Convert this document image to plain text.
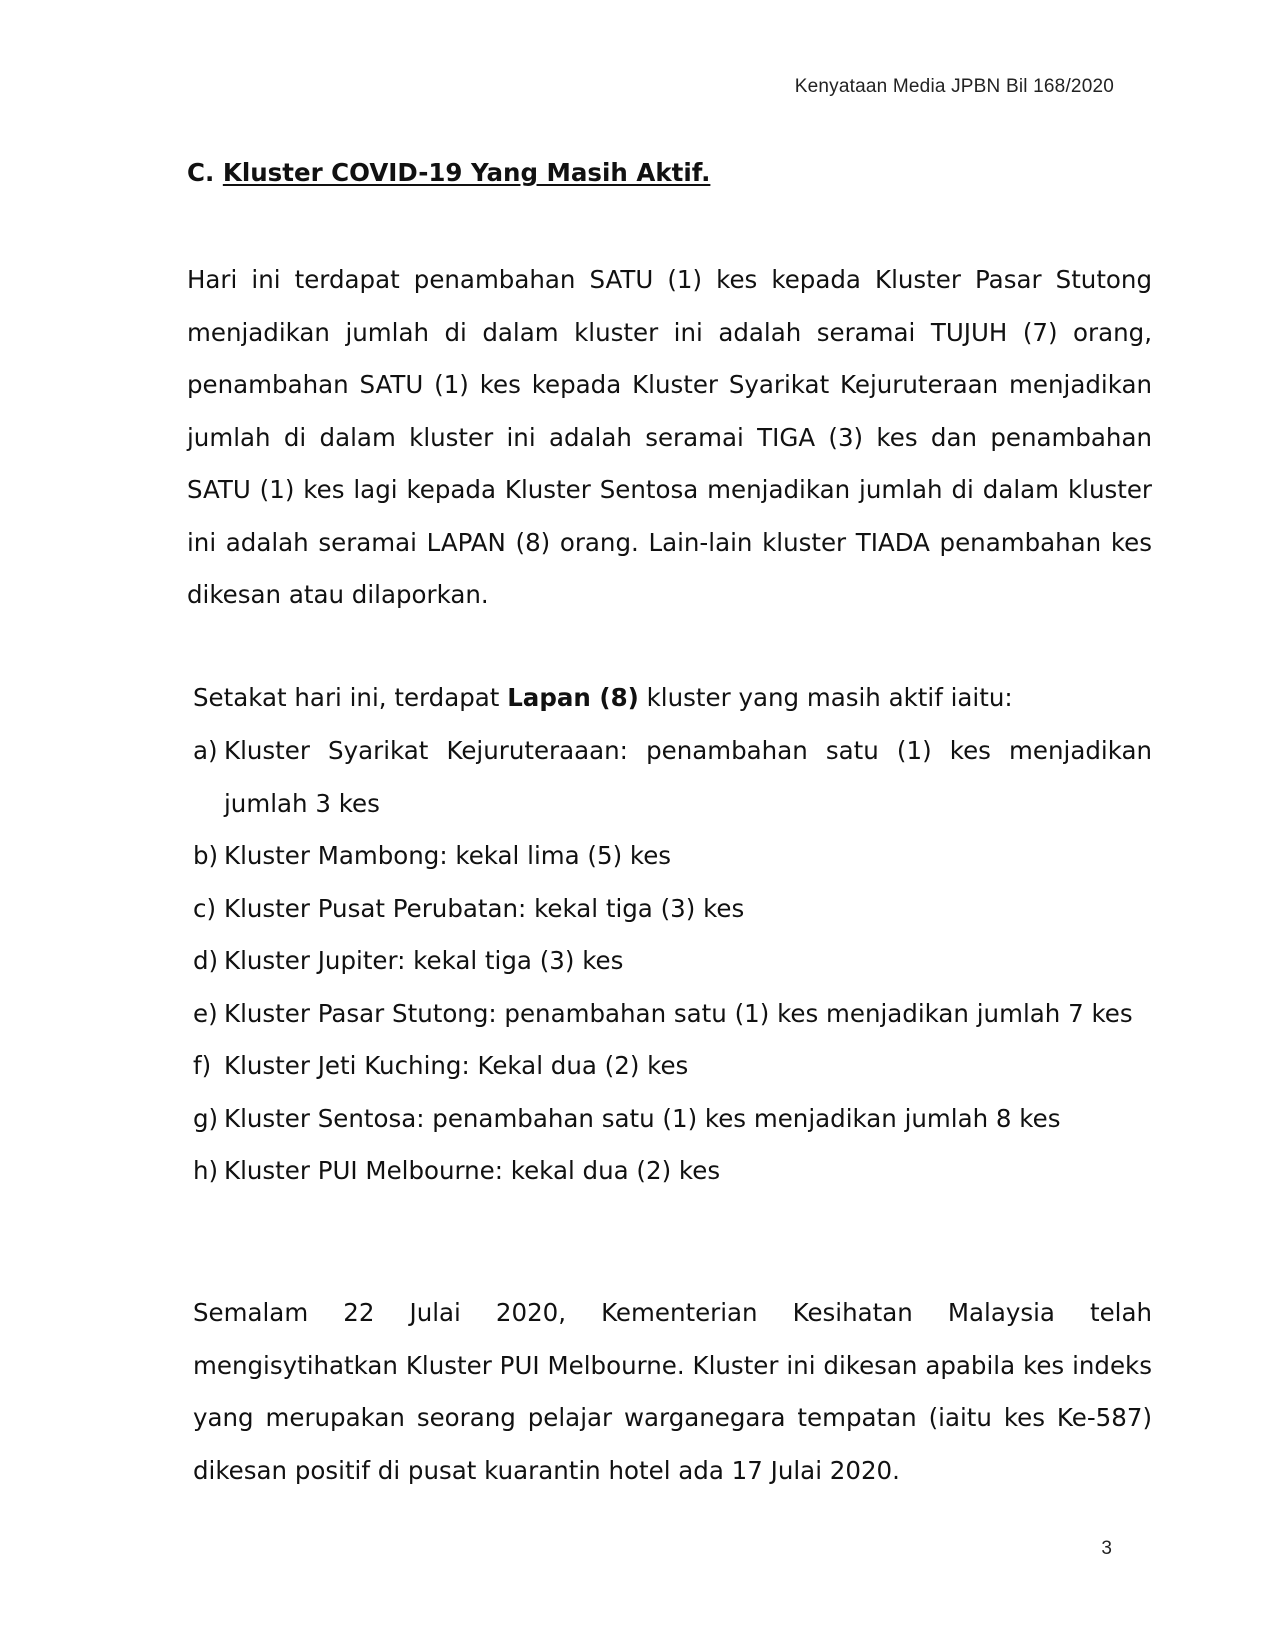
Kenyataan Media JPBN Bil 168/2020
C. Kluster COVID-19 Yang Masih Aktif.

Hari ini terdapat penambahan SATU (1) kes kepada Kluster Pasar Stutong menjadikan jumlah di dalam kluster ini adalah seramai TUJUH (7) orang, penambahan SATU (1) kes kepada Kluster Syarikat Kejuruteraan menjadikan jumlah di dalam kluster ini adalah seramai TIGA (3) kes dan penambahan SATU (1) kes lagi kepada Kluster Sentosa menjadikan jumlah di dalam kluster ini adalah seramai LAPAN (8) orang. Lain-lain kluster TIADA penambahan kes dikesan atau dilaporkan.

Setakat hari ini, terdapat Lapan (8) kluster yang masih aktif iaitu:

a) Kluster Syarikat Kejuruteraaan: penambahan satu (1) kes menjadikan jumlah 3 kes
b) Kluster Mambong: kekal lima (5) kes
c) Kluster Pusat Perubatan: kekal tiga (3) kes
d) Kluster Jupiter: kekal tiga (3) kes
e) Kluster Pasar Stutong: penambahan satu (1) kes menjadikan jumlah 7 kes
f) Kluster Jeti Kuching: Kekal dua (2) kes
g) Kluster Sentosa: penambahan satu (1) kes menjadikan jumlah 8 kes
h) Kluster PUI Melbourne: kekal dua (2) kes

Semalam 22 Julai 2020, Kementerian Kesihatan Malaysia telah mengisytihatkan Kluster PUI Melbourne. Kluster ini dikesan apabila kes indeks yang merupakan seorang pelajar warganegara tempatan (iaitu kes Ke-587) dikesan positif di pusat kuarantin hotel ada 17 Julai 2020.

3
